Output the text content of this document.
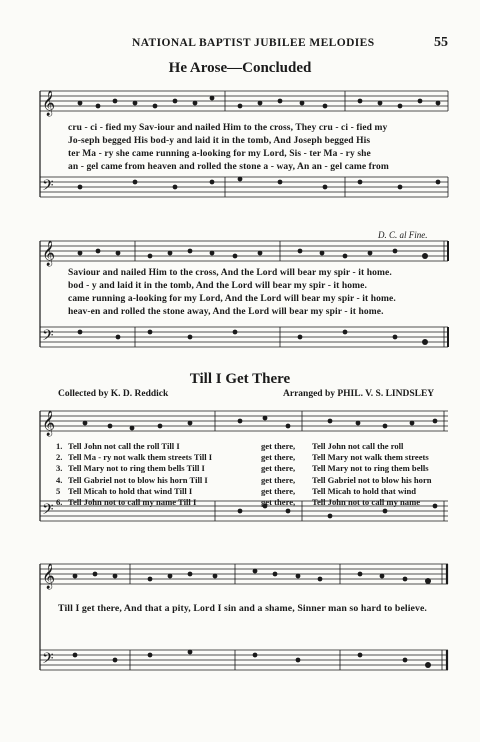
NATIONAL BAPTIST JUBILEE MELODIES	55
He Arose—Concluded
𝄞
𝄢
cru - ci - fied my Sav-iour and nailed Him to the cross, They cru - ci - fied my
Jo-seph begged His bod-y and laid it in the tomb, And Joseph begged His
ter Ma - ry she came running a-looking for my Lord, Sis - ter Ma - ry she
an - gel came from heaven and rolled the stone a - way, An an - gel came from
D. C. al Fine.
𝄞
𝄢
Saviour and nailed Him to the cross, And the Lord will bear my spir - it home.
bod - y and laid it in the tomb, And the Lord will bear my spir - it home.
came running a-looking for my Lord, And the Lord will bear my spir - it home.
heav-en and rolled the stone away, And the Lord will bear my spir - it home.
Till I Get There
Collected by K. D. Reddick	Arranged by PHIL. V. S. LINDSLEY
𝄞
𝄢
1. Tell John not call the roll Till I	get there, Tell John not call the roll
2. Tell Ma - ry not walk them streets Till I	get there, Tell Mary not walk them streets
3. Tell Mary not to ring them bells Till I	get there, Tell Mary not to ring them bells
4. Tell Gabriel not to blow his horn Till I	get there, Tell Gabriel not to blow his horn
5 Tell Micah to hold that wind Till I	get there, Tell Micah to hold that wind
6. Tell John not to call my name Till I	get there, Tell John not to call my name
𝄞
𝄢
Till I get there, And that a pity, Lord I sin and a shame, Sinner man so hard to believe.
